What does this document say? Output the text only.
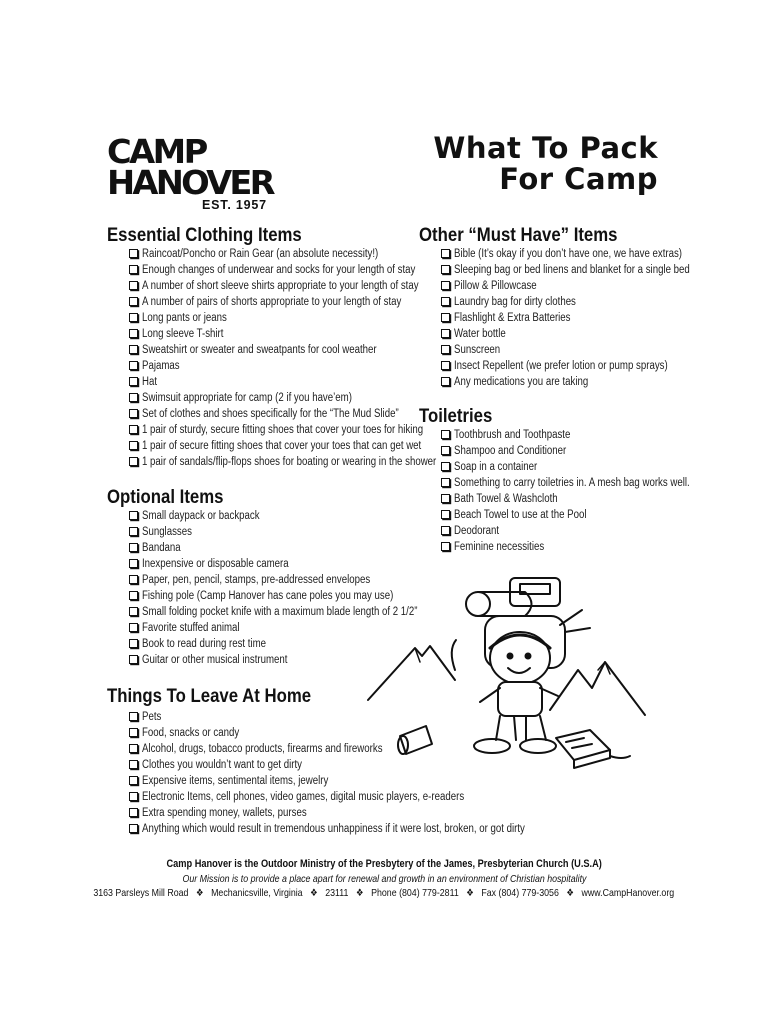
CAMP
HANOVER
EST. 1957
What To Pack
For Camp
Essential Clothing Items
Raincoat/Poncho or Rain Gear (an absolute necessity!)
Enough changes of underwear and socks for your length of stay
A number of short sleeve shirts appropriate to your length of stay
A number of pairs of shorts appropriate to your length of stay
Long pants or jeans
Long sleeve T-shirt
Sweatshirt or sweater and sweatpants for cool weather
Pajamas
Hat
Swimsuit appropriate for camp (2 if you have’em)
Set of clothes and shoes specifically for the “The Mud Slide”
1 pair of sturdy, secure fitting shoes that cover your toes for hiking
1 pair of secure fitting shoes that cover your toes that can get wet
1 pair of sandals/flip-flops shoes for boating or wearing in the shower
Optional Items
Small daypack or backpack
Sunglasses
Bandana
Inexpensive or disposable camera
Paper, pen, pencil, stamps, pre-addressed envelopes
Fishing pole (Camp Hanover has cane poles you may use)
Small folding pocket knife with a maximum blade length of 2 1/2”
Favorite stuffed animal
Book to read during rest time
Guitar or other musical instrument
Things To Leave At Home
Pets
Food, snacks or candy
Alcohol, drugs, tobacco products, firearms and fireworks
Clothes you wouldn’t want to get dirty
Expensive items, sentimental items, jewelry
Electronic Items, cell phones, video games, digital music players, e-readers
Extra spending money, wallets, purses
Anything which would result in tremendous unhappiness if it were lost, broken, or got dirty
Other “Must Have” Items
Bible (It’s okay if you don’t have one, we have extras)
Sleeping bag or bed linens and blanket for a single bed
Pillow & Pillowcase
Laundry bag for dirty clothes
Flashlight & Extra Batteries
Water bottle
Sunscreen
Insect Repellent (we prefer lotion or pump sprays)
Any medications you are taking
Toiletries
Toothbrush and Toothpaste
Shampoo and Conditioner
Soap in a container
Something to carry toiletries in. A mesh bag works well.
Bath Towel & Washcloth
Beach Towel to use at the Pool
Deodorant
Feminine necessities
Camp Hanover is the Outdoor Ministry of the Presbytery of the James, Presbyterian Church (U.S.A)
Our Mission is to provide a place apart for renewal and growth in an environment of Christian hospitality
3163 Parsleys Mill Road ❖ Mechanicsville, Virginia ❖ 23111 ❖ Phone (804) 779-2811 ❖ Fax (804) 779-3056 ❖ www.CampHanover.org
